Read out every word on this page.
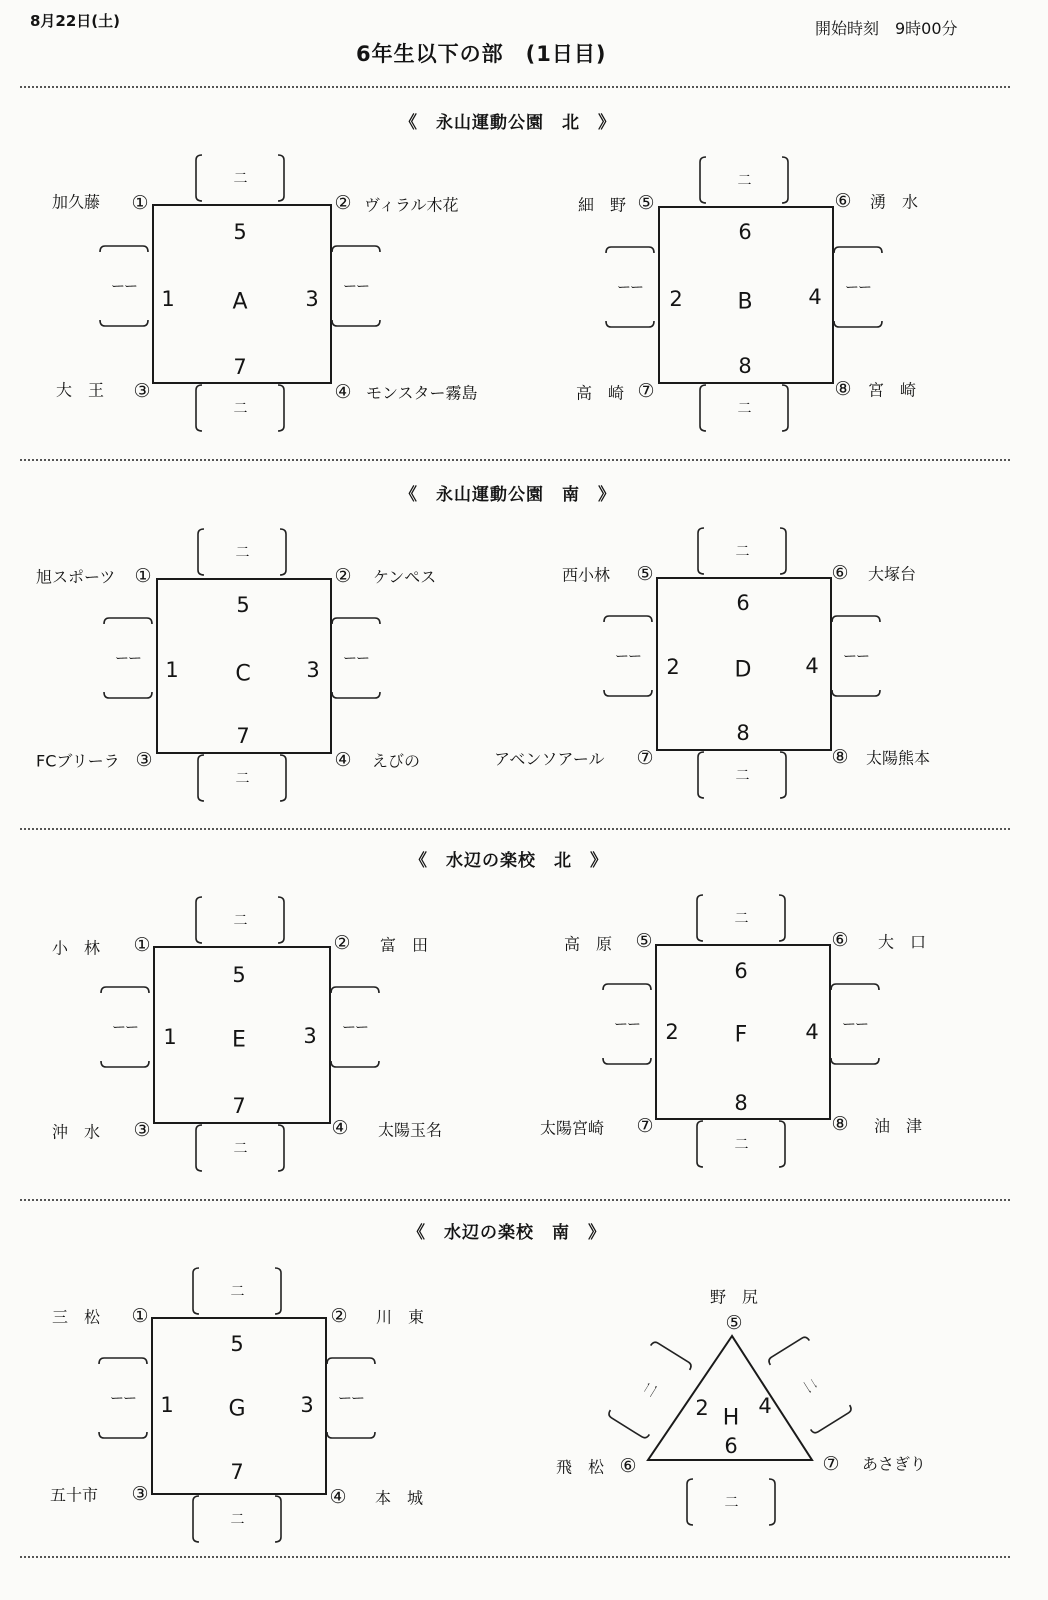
8月22日(土)	開始時刻　9時00分
6年生以下の部　(1日目)
《　永山運動公園　北　》
A
5
1	3
7
加久藤 ①	② ヴィラル木花
大　王 ③	④ モンスター霧島
B
6
2	4
8
細　野 ⑤	⑥ 湧　水
高　崎 ⑦	⑧ 宮　崎
《　永山運動公園　南　》
C
5
1	3
7
旭スポーツ ①	② ケンペス
FCブリーラ ③	④ えびの
D
6
2	4
8
西小林 ⑤	⑥ 大塚台
アベンソアール ⑦	⑧ 太陽熊本
《　水辺の楽校　北　》
E
5
1	3
7
小　林 ①	② 富　田
沖　水 ③	④ 太陽玉名
F
6
2	4
8
高　原 ⑤	⑥ 大　口
太陽宮崎 ⑦	⑧ 油　津
《　水辺の楽校　南　》
G
5
1	3
7
三　松 ①	② 川　東
五十市 ③	④ 本　城
H
2 4
6
野　尻
⑤
飛　松 ⑥	⑦ あさぎり
二
二
ーー	ーー
二
二
ーー	ーー
二
二
ーー	ーー
二
二
ーー	ーー
二
二
ーー	ーー
二
二
ーー	ーー
二
二
ーー	ーー
二
二	二
